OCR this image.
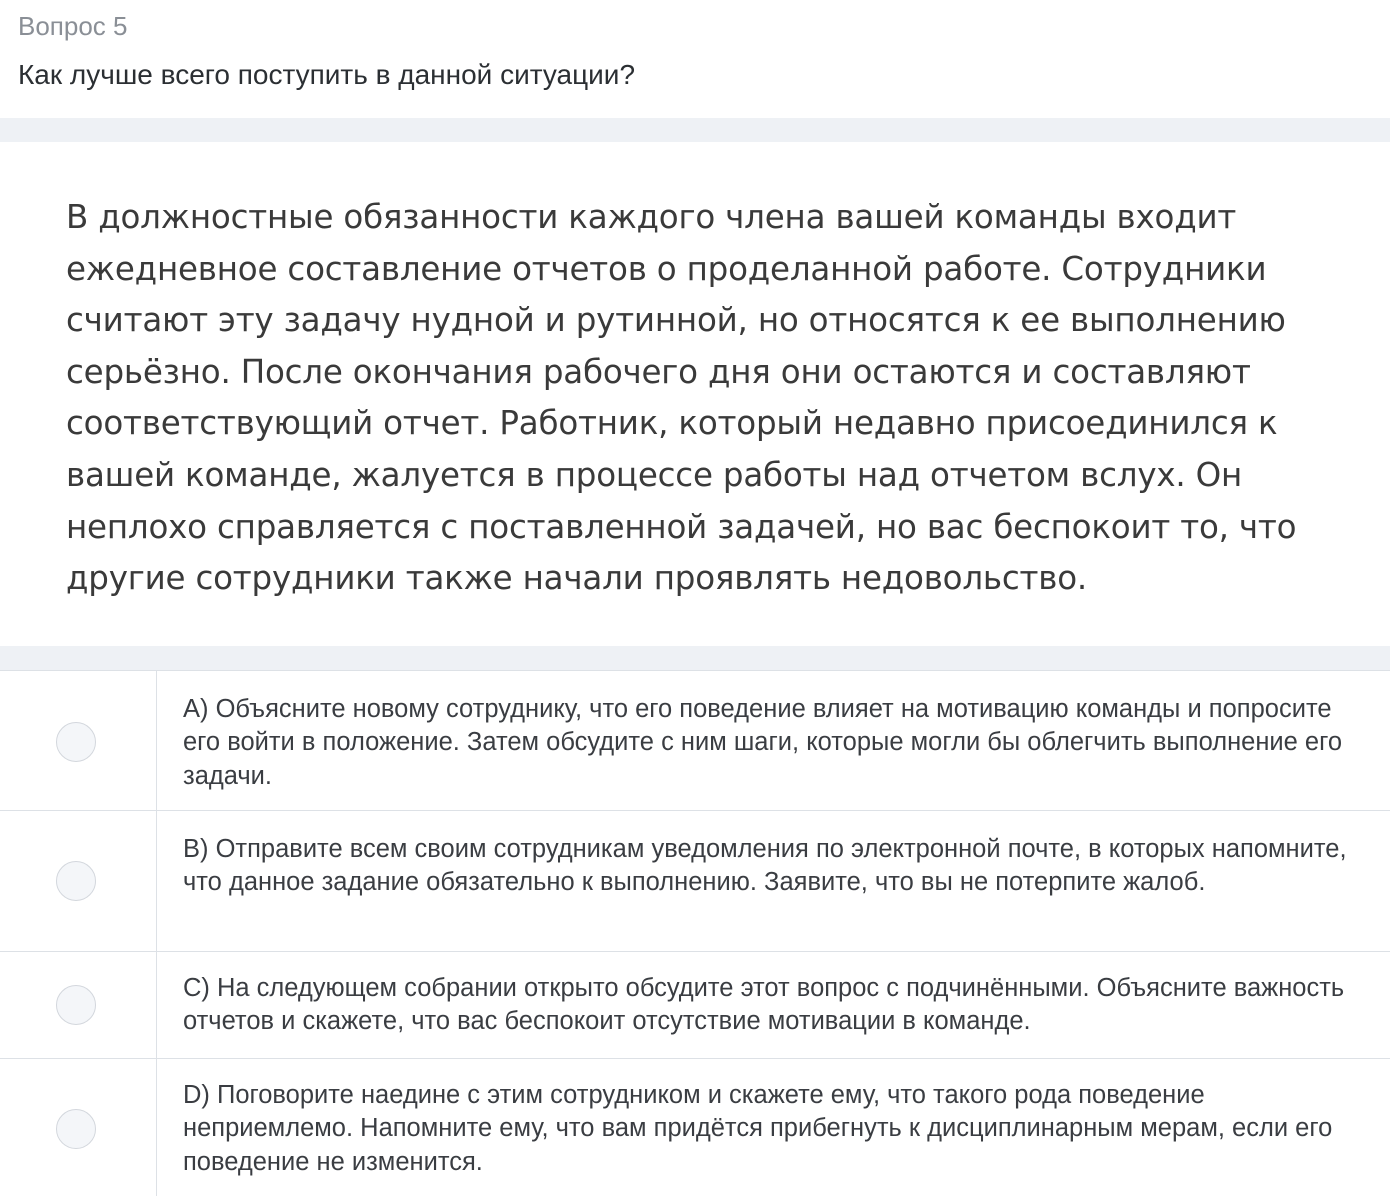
Вопрос 5
Как лучше всего поступить в данной ситуации?

В должностные обязанности каждого члена вашей команды входит ежедневное составление отчетов о проделанной работе. Сотрудники считают эту задачу нудной и рутинной, но относятся к ее выполнению серьёзно. После окончания рабочего дня они остаются и составляют соответствующий отчет. Работник, который недавно присоединился к вашей команде, жалуется в процессе работы над отчетом вслух. Он неплохо справляется с поставленной задачей, но вас беспокоит то, что другие сотрудники также начали проявлять недовольство.

A) Объясните новому сотруднику, что его поведение влияет на мотивацию команды и попросите его войти в положение. Затем обсудите с ним шаги, которые могли бы облегчить выполнение его задачи.

B) Отправите всем своим сотрудникам уведомления по электронной почте, в которых напомните, что данное задание обязательно к выполнению. Заявите, что вы не потерпите жалоб.

C) На следующем собрании открыто обсудите этот вопрос с подчинёнными. Объясните важность отчетов и скажете, что вас беспокоит отсутствие мотивации в команде.

D) Поговорите наедине с этим сотрудником и скажете ему, что такого рода поведение неприемлемо. Напомните ему, что вам придётся прибегнуть к дисциплинарным мерам, если его поведение не изменится.
